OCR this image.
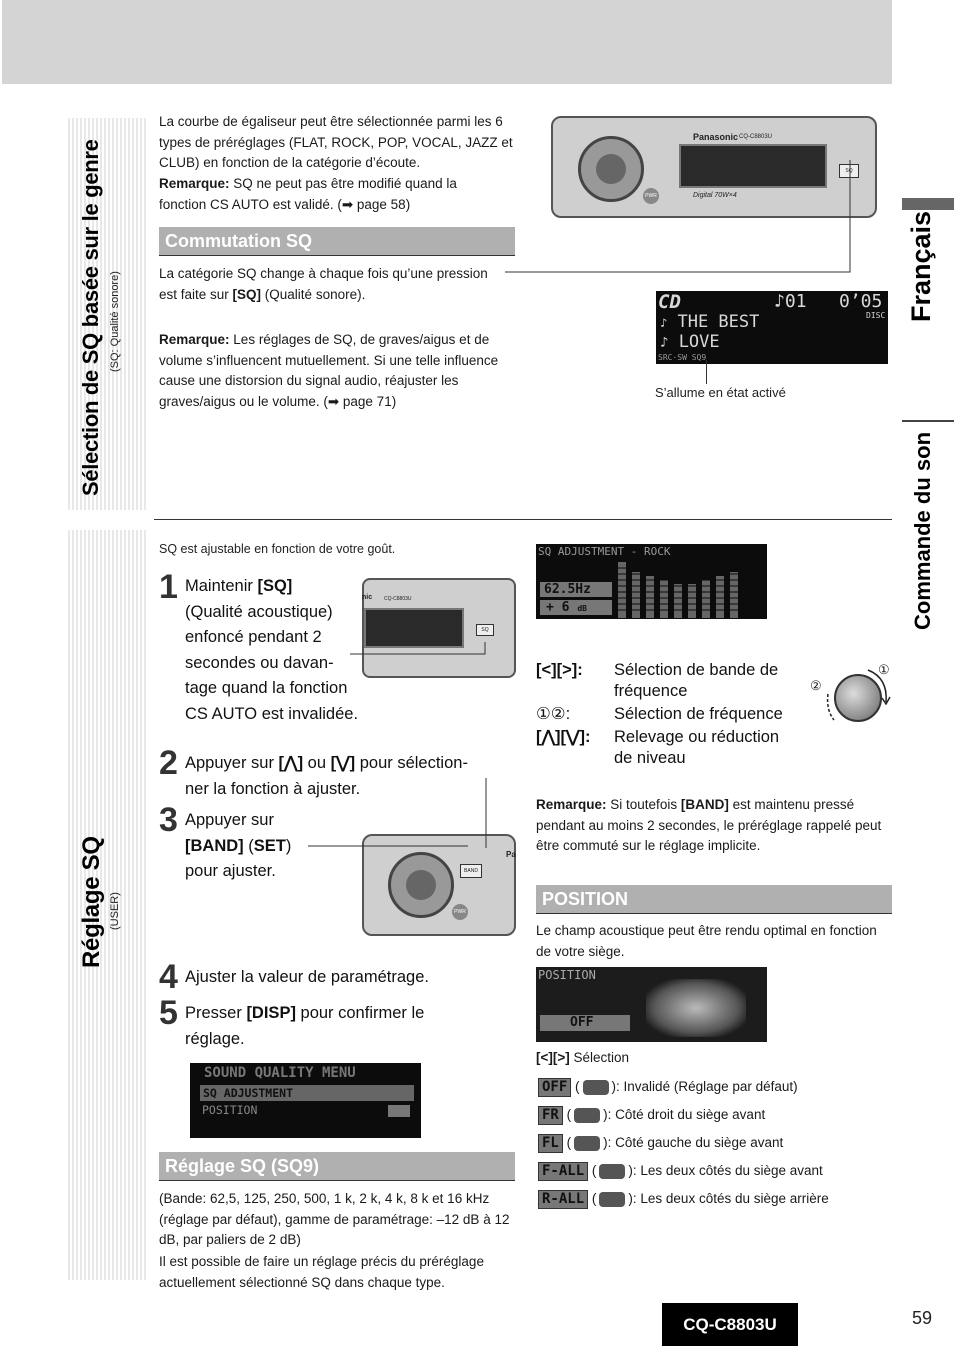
Français
Commande du son
Sélection de SQ basée sur le genre (SQ: Qualité sonore)
La courbe de égaliseur peut être sélectionnée parmi les 6 types de préréglages (FLAT, ROCK, POP, VOCAL, JAZZ et CLUB) en fonction de la catégorie d’écoute.
Remarque: SQ ne peut pas être modifié quand la fonction CS AUTO est validé. (➡ page 58)
Commutation SQ
La catégorie SQ change à chaque fois qu’une pression est faite sur [SQ] (Qualité sonore).
Remarque: Les réglages de SQ, de graves/aigus et de volume s’influencent mutuellement. Si une telle influence cause une distorsion du signal audio, réajuster les graves/aigus ou le volume. (➡ page 71)
Panasonic CQ-C8803U
Digital 70W×4
SQ
PWR
CD	♪01 0’05
DISC
♪ THE BEST
♪ LOVE
SRC·SW SQ9
S’allume en état activé
Réglage SQ (USER)
SQ est ajustable en fonction de votre goût.
1 Maintenir [SQ]
(Qualité acoustique)
enfoncé pendant 2
secondes ou davan-
tage quand la fonction
CS AUTO est invalidée.
nic CQ-C8803U
SQ
2 Appuyer sur [⋀] ou [⋁] pour sélection-
ner la fonction à ajuster.
3 Appuyer sur
[BAND] (SET)
pour ajuster.	BAND
PWR
Pa
4 Ajuster la valeur de paramétrage.
5 Presser [DISP] pour confirmer le
réglage.
SOUND QUALITY MENU
SQ ADJUSTMENT
POSITION
Réglage SQ (SQ9)
(Bande: 62,5, 125, 250, 500, 1 k, 2 k, 4 k, 8 k et 16 kHz (réglage par défaut), gamme de paramétrage: –12 dB à 12 dB, par paliers de 2 dB)
Il est possible de faire un réglage précis du préréglage actuellement sélectionné SQ dans chaque type.
SQ ADJUSTMENT - ROCK
62.5Hz
+ 6 dB
[<][>]: Sélection de bande de
fréquence
①②:	Sélection de fréquence
[⋀][⋁]: Relevage ou réduction
de niveau
①
②
Remarque: Si toutefois [BAND] est maintenu pressé pendant au moins 2 secondes, le préréglage rappelé peut être commuté sur le réglage implicite.
POSITION
Le champ acoustique peut être rendu optimal en fonction de votre siège.
POSITION
OFF
[<][>] Sélection
OFF ( ): Invalidé (Réglage par défaut)
FR ( ): Côté droit du siège avant
FL ( ): Côté gauche du siège avant
F-ALL ( ): Les deux côtés du siège avant
R-ALL ( ): Les deux côtés du siège arrière
CQ-C8803U	59
